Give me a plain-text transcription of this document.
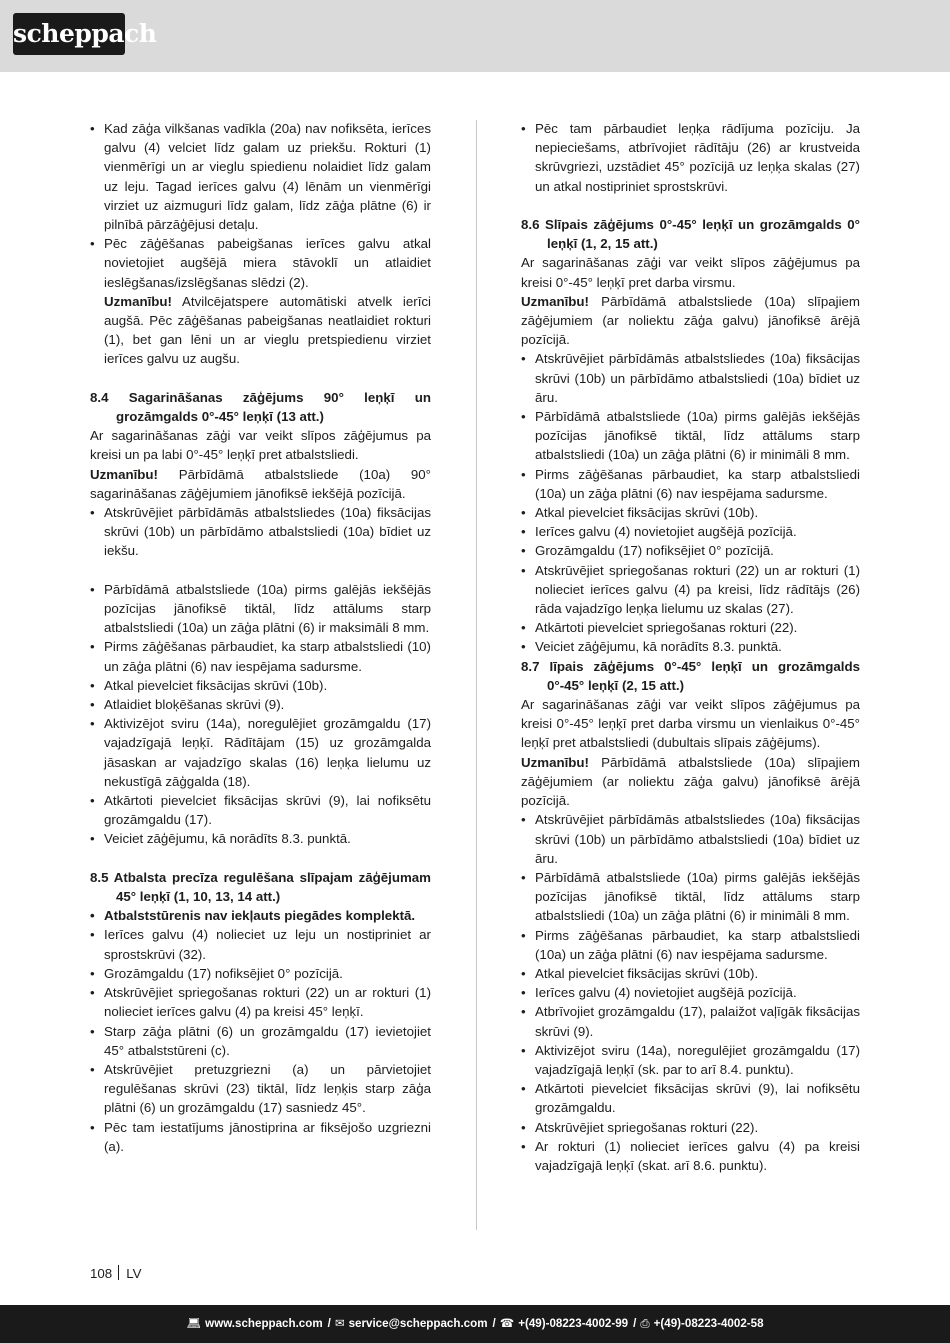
scheppach
• Kad zāģa vilkšanas vadīkla (20a) nav nofiksēta, ierīces galvu (4) velciet līdz galam uz priekšu. Rokturi (1) vienmērīgi un ar vieglu spiedienu nolaidiet līdz galam uz leju. Tagad ierīces galvu (4) lēnām un vienmērīgi virziet uz aizmuguri līdz galam, līdz zāģa plātne (6) ir pilnībā pārzāģējusi detaļu.
• Pēc zāģēšanas pabeigšanas ierīces galvu atkal novietojiet augšējā miera stāvoklī un atlaidiet ieslēgšanas/izslēgšanas slēdzi (2).
Uzmanību! Atvilcējatspere automātiski atvelk ierīci augšā. Pēc zāģēšanas pabeigšanas neatlaidiet rokturi (1), bet gan lēni un ar vieglu pretspiedienu virziet ierīces galvu uz augšu.
8.4 Sagarināšanas zāģējums 90° leņķī un grozāmgalds 0°-45° leņķī (13 att.)
Ar sagarināšanas zāģi var veikt slīpos zāģējumus pa kreisi un pa labi 0°-45° leņķī pret atbalstsliedi.
Uzmanību! Pārbīdāmā atbalstsliede (10a) 90° sagarināšanas zāģējumiem jānofiksē iekšējā pozīcijā.
• Atskrūvējiet pārbīdāmās atbalstsliedes (10a) fiksācijas skrūvi (10b) un pārbīdāmo atbalstsliedi (10a) bīdiet uz iekšu.
• Pārbīdāmā atbalstsliede (10a) pirms galējās iekšējās pozīcijas jānofiksē tiktāl, līdz attālums starp atbalstsliedi (10a) un zāģa plātni (6) ir maksimāli 8 mm.
• Pirms zāģēšanas pārbaudiet, ka starp atbalstsliedi (10) un zāģa plātni (6) nav iespējama sadursme.
• Atkal pievelciet fiksācijas skrūvi (10b).
• Atlaidiet bloķēšanas skrūvi (9).
• Aktivizējot sviru (14a), noregulējiet grozāmgaldu (17) vajadzīgajā leņķī. Rādītājam (15) uz grozāmgalda jāsaskan ar vajadzīgo skalas (16) leņķa lielumu uz nekustīgā zāģgalda (18).
• Atkārtoti pievelciet fiksācijas skrūvi (9), lai nofiksētu grozāmgaldu (17).
• Veiciet zāģējumu, kā norādīts 8.3. punktā.
8.5 Atbalsta precīza regulēšana slīpajam zāģējumam 45° leņķī (1, 10, 13, 14 att.)
• Atbalststūrenis nav iekļauts piegādes komplektā.
• Ierīces galvu (4) nolieciet uz leju un nostipriniet ar sprostskrūvi (32).
• Grozāmgaldu (17) nofiksējiet 0° pozīcijā.
• Atskrūvējiet spriegošanas rokturi (22) un ar rokturi (1) nolieciet ierīces galvu (4) pa kreisi 45° leņķī.
• Starp zāģa plātni (6) un grozāmgaldu (17) ievietojiet 45° atbalststūreni (c).
• Atskrūvējiet pretuzgriezni (a) un pārvietojiet regulēšanas skrūvi (23) tiktāl, līdz leņķis starp zāģa plātni (6) un grozāmgaldu (17) sasniedz 45°.
• Pēc tam iestatījums jānostiprina ar fiksējošo uzgriezni (a).
• Pēc tam pārbaudiet leņķa rādījuma pozīciju. Ja nepieciešams, atbrīvojiet rādītāju (26) ar krustveida skrūvgriezi, uzstādiet 45° pozīcijā uz leņķa skalas (27) un atkal nostipriniet sprostskrūvi.
8.6 Slīpais zāģējums 0°-45° leņķī un grozāmgalds 0° leņķī (1, 2, 15 att.)
Ar sagarināšanas zāģi var veikt slīpos zāģējumus pa kreisi 0°-45° leņķī pret darba virsmu.
Uzmanību! Pārbīdāmā atbalstsliede (10a) slīpajiem zāģējumiem (ar noliektu zāģa galvu) jānofiksē ārējā pozīcijā.
• Atskrūvējiet pārbīdāmās atbalstsliedes (10a) fiksācijas skrūvi (10b) un pārbīdāmo atbalstsliedi (10a) bīdiet uz āru.
• Pārbīdāmā atbalstsliede (10a) pirms galējās iekšējās pozīcijas jānofiksē tiktāl, līdz attālums starp atbalstsliedi (10a) un zāģa plātni (6) ir minimāli 8 mm.
• Pirms zāģēšanas pārbaudiet, ka starp atbalstsliedi (10a) un zāģa plātni (6) nav iespējama sadursme.
• Atkal pievelciet fiksācijas skrūvi (10b).
• Ierīces galvu (4) novietojiet augšējā pozīcijā.
• Grozāmgaldu (17) nofiksējiet 0° pozīcijā.
• Atskrūvējiet spriegošanas rokturi (22) un ar rokturi (1) nolieciet ierīces galvu (4) pa kreisi, līdz rādītājs (26) rāda vajadzīgo leņķa lielumu uz skalas (27).
• Atkārtoti pievelciet spriegošanas rokturi (22).
• Veiciet zāģējumu, kā norādīts 8.3. punktā.
8.7 Iīpais zāģējums 0°-45° leņķī un grozāmgalds 0°-45° leņķī (2, 15 att.)
Ar sagarināšanas zāģi var veikt slīpos zāģējumus pa kreisi 0°-45° leņķī pret darba virsmu un vienlaikus 0°-45° leņķī pret atbalstsliedi (dubultais slīpais zāģējums).
Uzmanību! Pārbīdāmā atbalstsliede (10a) slīpajiem zāģējumiem (ar noliektu zāģa galvu) jānofiksē ārējā pozīcijā.
• Atskrūvējiet pārbīdāmās atbalstsliedes (10a) fiksācijas skrūvi (10b) un pārbīdāmo atbalstsliedi (10a) bīdiet uz āru.
• Pārbīdāmā atbalstsliede (10a) pirms galējās iekšējās pozīcijas jānofiksē tiktāl, līdz attālums starp atbalstsliedi (10a) un zāģa plātni (6) ir minimāli 8 mm.
• Pirms zāģēšanas pārbaudiet, ka starp atbalstsliedi (10a) un zāģa plātni (6) nav iespējama sadursme.
• Atkal pievelciet fiksācijas skrūvi (10b).
• Ierīces galvu (4) novietojiet augšējā pozīcijā.
• Atbrīvojiet grozāmgaldu (17), palaižot vaļīgāk fiksācijas skrūvi (9).
• Aktivizējot sviru (14a), noregulējiet grozāmgaldu (17) vajadzīgajā leņķī (sk. par to arī 8.4. punktu).
• Atkārtoti pievelciet fiksācijas skrūvi (9), lai nofiksētu grozāmgaldu.
• Atskrūvējiet spriegošanas rokturi (22).
• Ar rokturi (1) nolieciet ierīces galvu (4) pa kreisi vajadzīgajā leņķī (skat. arī 8.6. punktu).
108 LV
💻︎ www.scheppach.com / ✉︎ service@scheppach.com / ☎︎ +(49)-08223-4002-99 / ⎙ +(49)-08223-4002-58
